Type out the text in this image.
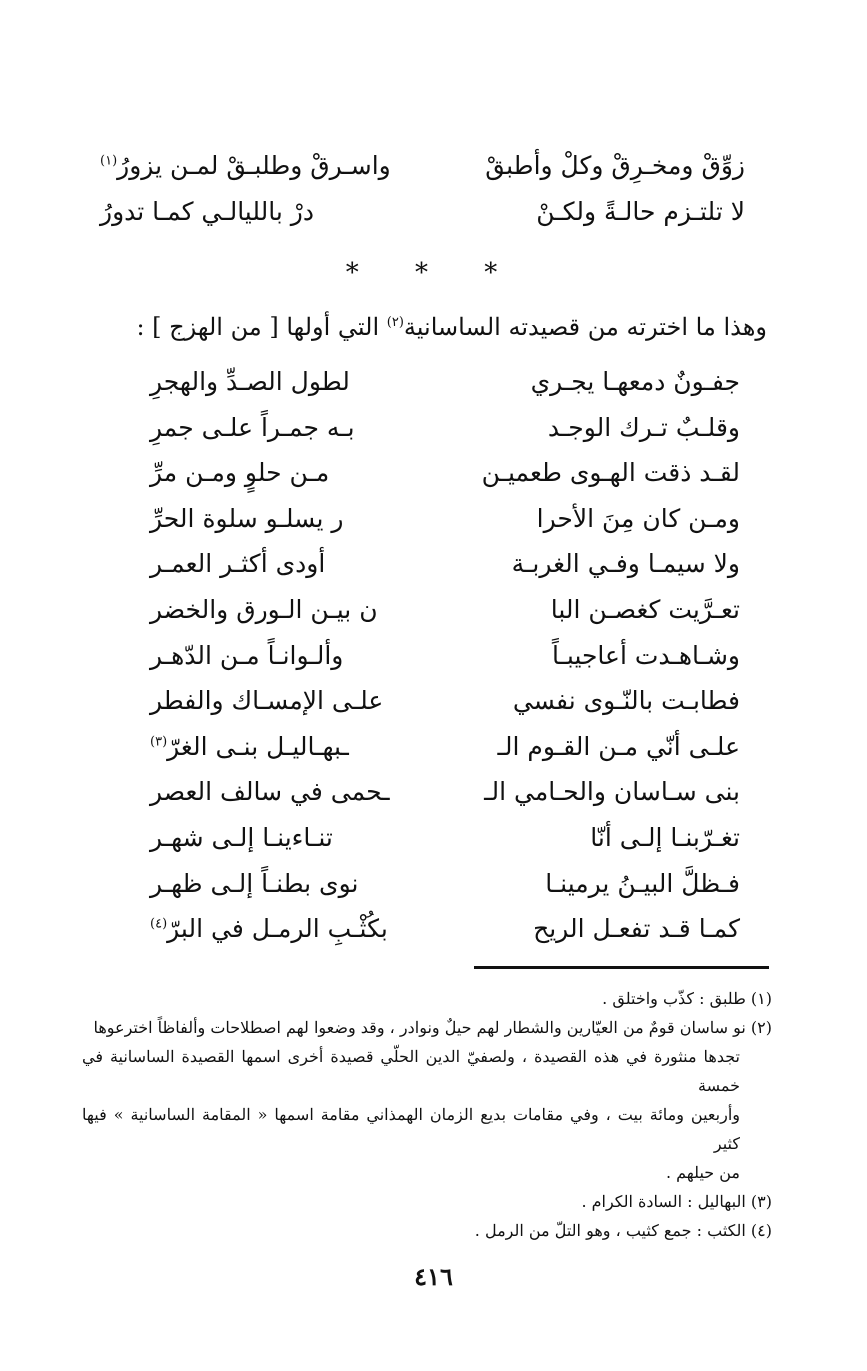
زوِّقْ ومخـرِقْ وكلْ وأطبقْ
واسـرقْ وطلبـقْ لمـن يزورُ$^{(١)}$
لا تلتـزم حالـةً ولكـنْ
درْ بالليالـي كمـا تدورُ
* * *
وهذا ما اخترته من قصيدته الساسانية$^{(٢)}$ التي أولها [ من الهزج ] :
جفـونٌ دمعهـا يجـري
لطول الصـدِّ والهجرِ
وقلـبٌ تـرك الوجـد
بـه جمـراً علـى جمرِ
لقـد ذقت الهـوى طعميـن
مـن حلوٍ ومـن مرِّ
ومـن كان مِنَ الأحرا
ر يسلـو سلوة الحرِّ
ولا سيمـا وفـي الغربـة
أودى أكثـر العمـر
تعـرَّيت كغصـن البا
ن بيـن الـورق والخضر
وشـاهـدت أعاجيبـاً
وألـوانـاً مـن الدّهـر
فطابـت بالنّـوى نفسي
علـى الإمسـاك والفطر
علـى أنّي مـن القـوم الـ
ـبهـاليـل بنـى الغرّ$^{(٣)}$
بنى سـاسان والحـامي الـ
ـحمى في سالف العصر
تغـرّبنـا إلـى أنّا
تنـاءينـا إلـى شهـر
فـظلَّ البيـنُ يرمينـا
نوى بطنـاً إلـى ظهـر
كمـا قـد تفعـل الريح
بكُثْـبِ الرمـل في البرّ$^{(٤)}$

(١) طلبق : كذّب واختلق .

(٢) نو ساسان قومٌ من العيّارين والشطار لهم حيلٌ ونوادر ، وقد وضعوا لهم اصطلاحات وألفاظاً اخترعوها
تجدها منثورة في هذه القصيدة ، ولصفيّ الدين الحلّي قصيدة أخرى اسمها القصيدة الساسانية في خمسة
وأربعين ومائة بيت ، وفي مقامات بديع الزمان الهمذاني مقامة اسمها « المقامة الساسانية » فيها كثير
من حيلهم .

(٣) البهاليل : السادة الكرام .

(٤) الكثب : جمع كثيب ، وهو التلّ من الرمل .

٤١٦
